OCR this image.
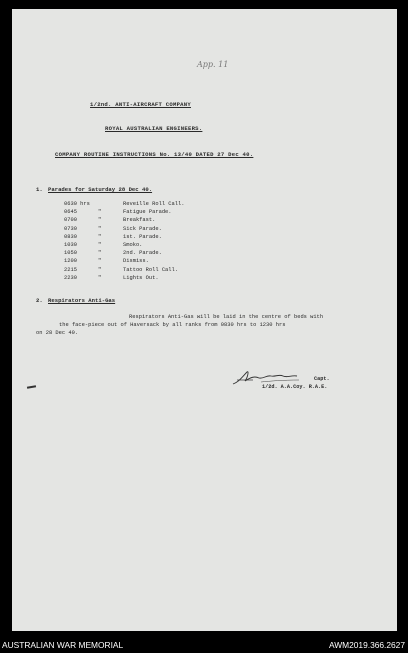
App. 11
1/2nd. ANTI-AIRCRAFT COMPANY
ROYAL AUSTRALIAN ENGINEERS.
COMPANY ROUTINE INSTRUCTIONS No. 13/40 DATED 27 Dec 40.
1. Parades for Saturday 28 Dec 40.
0630 hrs	Reveille Roll Call.
0645	"	Fatigue Parade.
0700	"	Breakfast.
0730	"	Sick Parade.
0830	"	1st. Parade.
1030	"	Smoko.
1050	"	2nd. Parade.
1200	"	Dismiss.
2215	"	Tattoo Roll Call.
2230	"	Lights Out.
2. Respirators Anti-Gas
Respirators Anti-Gas will be laid in the centre of beds with
the face-piece out of Haversack by all ranks from 0830 hrs to 1230 hrs
on 28 Dec 40.
Capt.
1/2d. A.A.Coy. R.A.E.
AUSTRALIAN WAR MEMORIAL	AWM2019.366.2627
